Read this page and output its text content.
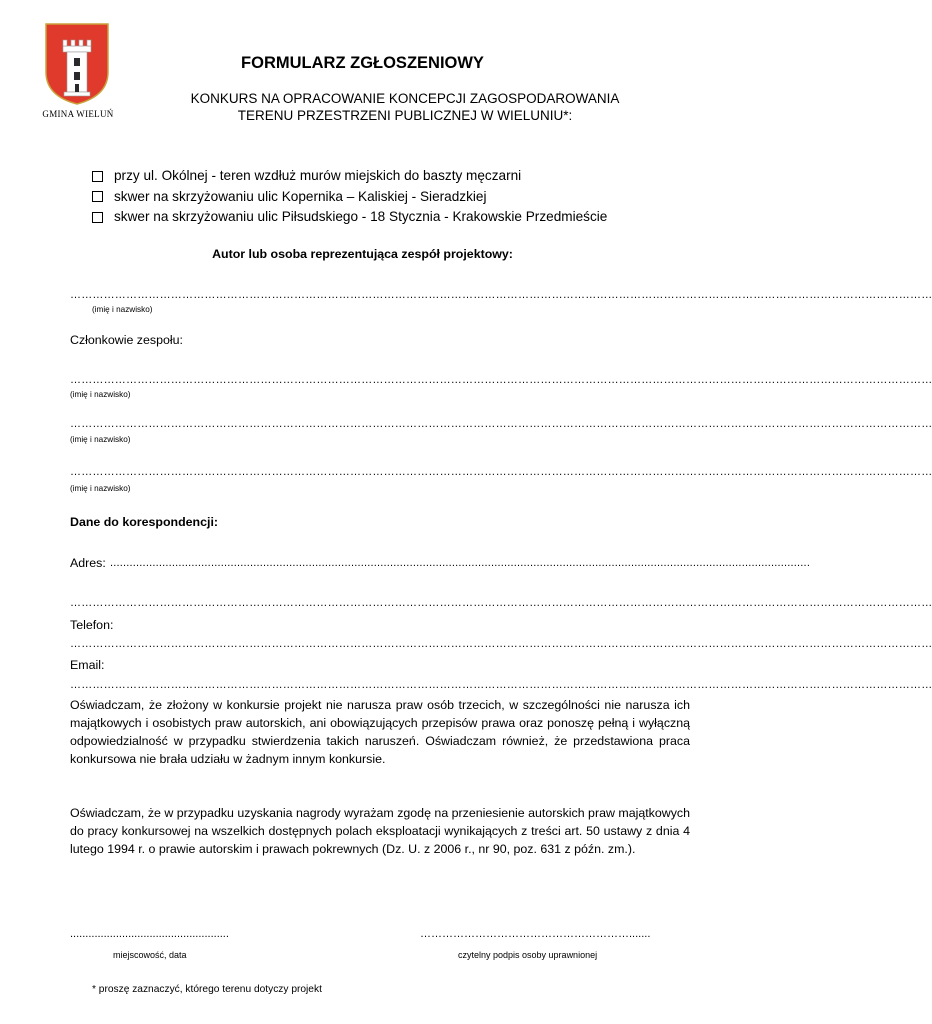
GMINA WIELUŃ
FORMULARZ ZGŁOSZENIOWY
KONKURS NA OPRACOWANIE KONCEPCJI ZAGOSPODAROWANIA
TERENU PRZESTRZENI PUBLICZNEJ W WIELUNIU*:
przy ul. Okólnej - teren wzdłuż murów miejskich do baszty męczarni
skwer na skrzyżowaniu ulic Kopernika – Kaliskiej - Sieradzkiej
skwer na skrzyżowaniu ulic Piłsudskiego - 18 Stycznia - Krakowskie Przedmieście
Autor lub osoba reprezentująca zespół projektowy:
……………………………………………………………………………………………………………………………………………………………………………………………………………
(imię i nazwisko)
Członkowie zespołu:
……………………………………………………………………………………………………………………………………………………………………………………………………………
(imię i nazwisko)
……………………………………………………………………………………………………………………………………………………………………………………………………………
(imię i nazwisko)
……………………………………………………………………………………………………………………………………………………………………………………………………………
(imię i nazwisko)
Dane do korespondencji:
Adres: .......................................................................................................................................................................................................................
……………………………………………………………………………………………………………………………………………………………………………………………………………
Telefon:
……………………………………………………………………………………………………………………………………………………………………………………………………………
Email:
……………………………………………………………………………………………………………………………………………………………………………………………………………
Oświadczam, że złożony w konkursie projekt nie narusza praw osób trzecich, w szczególności nie narusza ich majątkowych i osobistych praw autorskich, ani obowiązujących przepisów prawa oraz ponoszę pełną i wyłączną odpowiedzialność w przypadku stwierdzenia takich naruszeń. Oświadczam również, że przedstawiona praca konkursowa nie brała udziału w żadnym innym konkursie.
Oświadczam, że w przypadku uzyskania nagrody wyrażam zgodę na przeniesienie autorskich praw majątkowych do pracy konkursowej na wszelkich dostępnych polach eksploatacji wynikających z treści art. 50 ustawy z dnia 4 lutego 1994 r. o prawie autorskim i prawach pokrewnych (Dz. U. z 2006 r., nr 90, poz. 631 z późn. zm.).
....................................................	………………………………………………….......
miejscowość, data	czytelny podpis osoby uprawnionej
* proszę zaznaczyć, którego terenu dotyczy projekt
